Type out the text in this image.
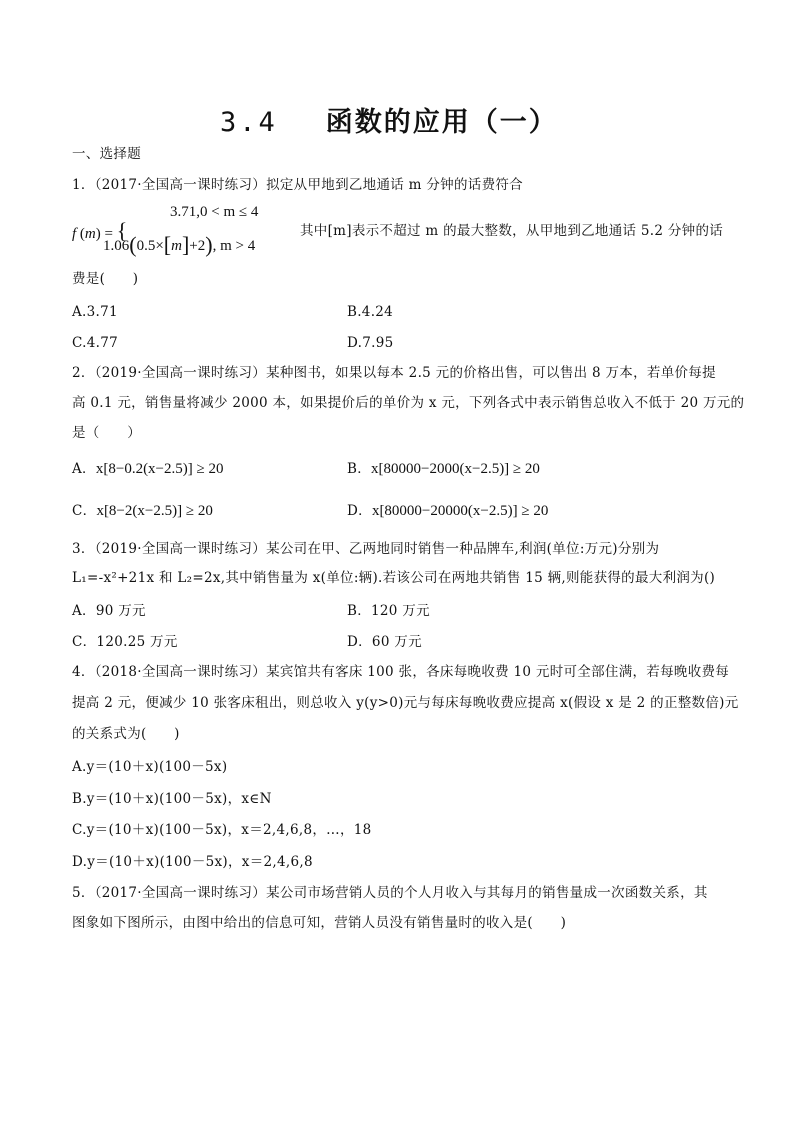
3.4 函数的应用（一）
一、选择题
1．（2017·全国高一课时练习）拟定从甲地到乙地通话 m 分钟的话费符合
f (m) = {
3.71,0 < m ≤ 4
1.06(0.5×[m]+2), m > 4
其中[m]表示不超过 m 的最大整数，从甲地到乙地通话 5.2 分钟的话
费是(　　)
A.3.71	B.4.24
C.4.77	D.7.95
2．（2019·全国高一课时练习）某种图书，如果以每本 2.5 元的价格出售，可以售出 8 万本，若单价每提
高 0.1 元，销售量将减少 2000 本，如果提价后的单价为 x 元，下列各式中表示销售总收入不低于 20 万元的
是（　　）
A．x[8−0.2(x−2.5)] ≥ 20	B．x[80000−2000(x−2.5)] ≥ 20
C．x[8−2(x−2.5)] ≥ 20	D．x[80000−20000(x−2.5)] ≥ 20
3．（2019·全国高一课时练习）某公司在甲、乙两地同时销售一种品牌车,利润(单位:万元)分别为
L₁=-x²+21x 和 L₂=2x,其中销售量为 x(单位:辆).若该公司在两地共销售 15 辆,则能获得的最大利润为()
A．90 万元	B．120 万元
C．120.25 万元	D．60 万元
4．（2018·全国高一课时练习）某宾馆共有客床 100 张，各床每晚收费 10 元时可全部住满，若每晚收费每
提高 2 元，便减少 10 张客床租出，则总收入 y(y>0)元与每床每晚收费应提高 x(假设 x 是 2 的正整数倍)元
的关系式为(　　)
A.y＝(10＋x)(100－5x)
B.y＝(10＋x)(100－5x)，x∈N
C.y＝(10＋x)(100－5x)，x＝2,4,6,8，…，18
D.y＝(10＋x)(100－5x)，x＝2,4,6,8
5．（2017·全国高一课时练习）某公司市场营销人员的个人月收入与其每月的销售量成一次函数关系，其
图象如下图所示，由图中给出的信息可知，营销人员没有销售量时的收入是(　　)
